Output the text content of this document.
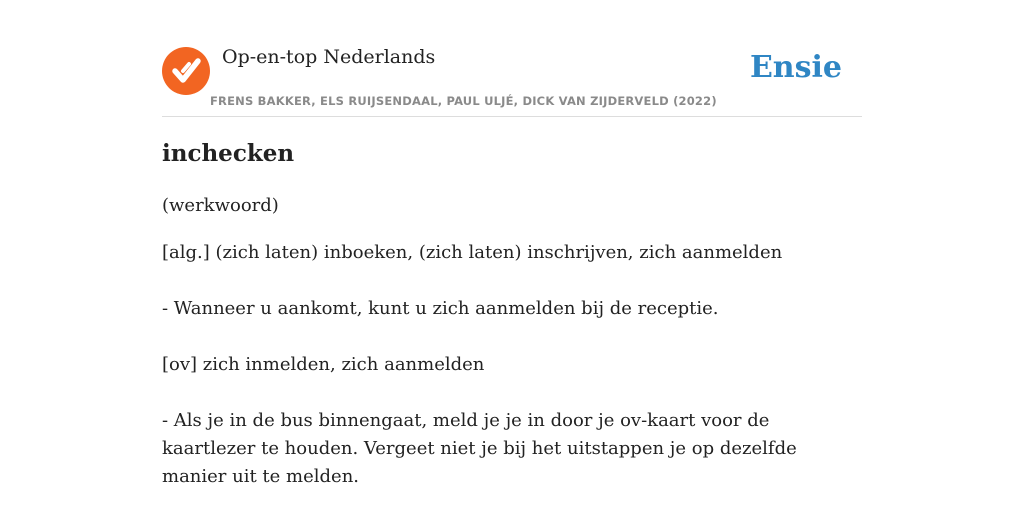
Op-en-top Nederlands
FRENS BAKKER, ELS RUIJSENDAAL, PAUL ULJÉ, DICK VAN ZIJDERVELD (2022)
Ensie
inchecken
(werkwoord)
[alg.] (zich laten) inboeken, (zich laten) inschrijven, zich aanmelden
- Wanneer u aankomt, kunt u zich aanmelden bij de receptie.
[ov] zich inmelden, zich aanmelden
- Als je in de bus binnengaat, meld je je in door je ov-kaart voor de kaartlezer te houden. Vergeet niet je bij het uitstappen je op dezelfde manier uit te melden.
